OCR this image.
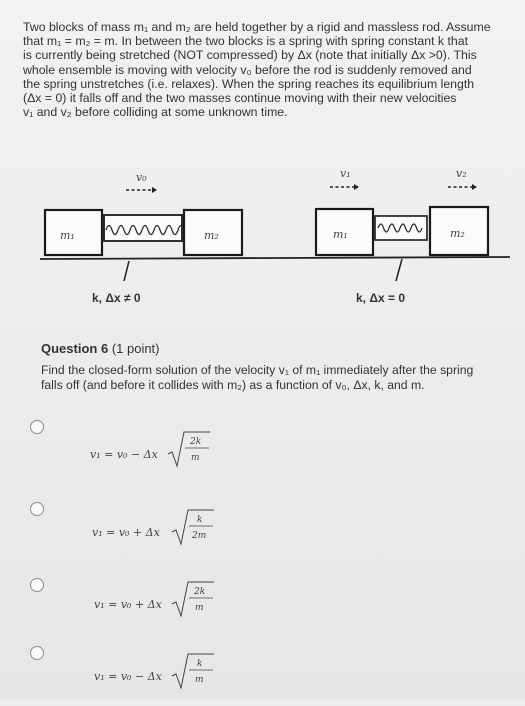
Two blocks of mass m₁ and m₂ are held together by a rigid and massless rod. Assume
that m₁ = m₂ = m. In between the two blocks is a spring with spring constant k that
is currently being stretched (NOT compressed) by Δx (note that initially Δx >0). This
whole ensemble is moving with velocity v₀ before the rod is suddenly removed and
the spring unstretches (i.e. relaxes). When the spring reaches its equilibrium length
(Δx = 0) it falls off and the two masses continue moving with their new velocities
v₁ and v₂ before colliding at some unknown time.
v₀
m₁	m₂
k, Δx ≠ 0
v₁	v₂
m₁	m₂
k, Δx = 0
Question 6 (1 point)
Find the closed-form solution of the velocity v₁ of m₁ immediately after the spring
falls off (and before it collides with m₂) as a function of v₀, Δx, k, and m.
v₁ = v₀ − Δx
2k
m
v₁ = v₀ + Δx
k
2m
v₁ = v₀ + Δx
2k
m
v₁ = v₀ − Δx
k
m
